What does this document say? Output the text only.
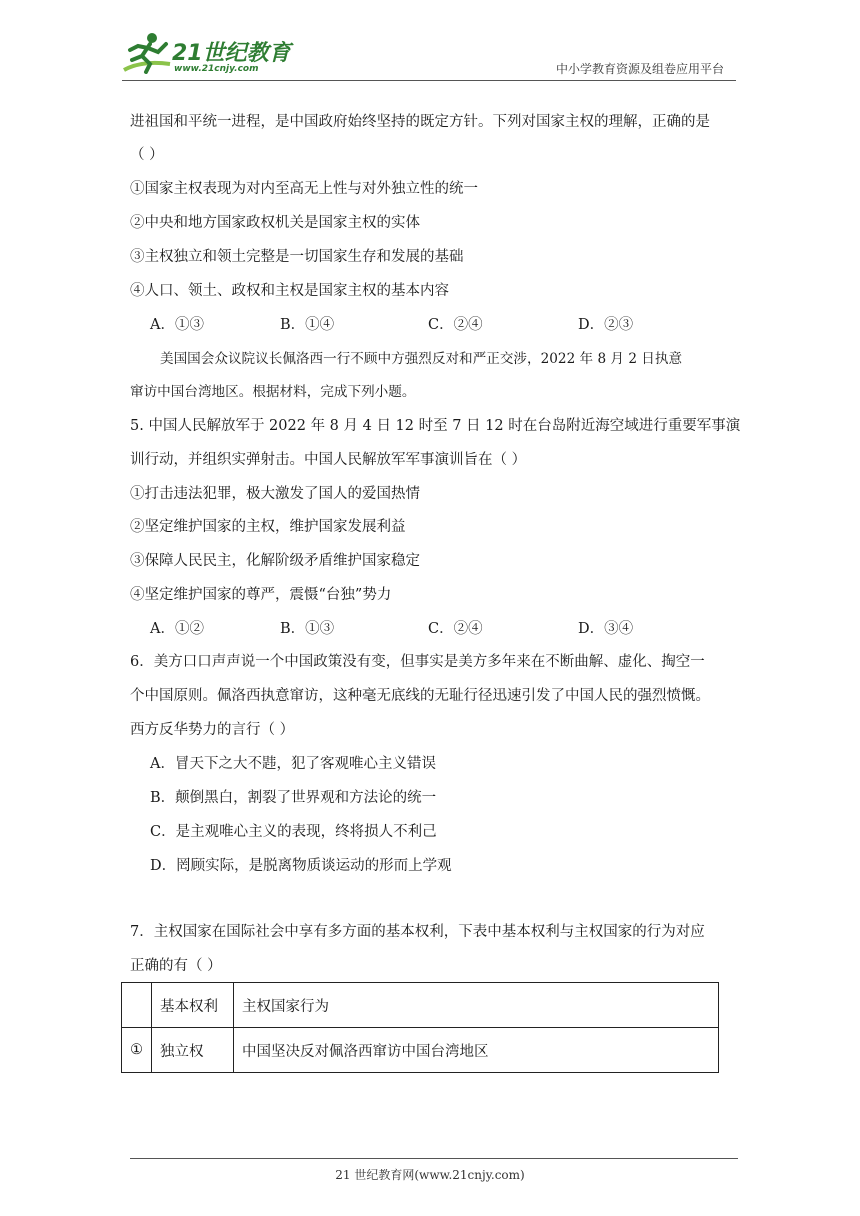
21世纪教育
www.21cnjy.com	中小学教育资源及组卷应用平台
进祖国和平统一进程，是中国政府始终坚持的既定方针。下列对国家主权的理解，正确的是
（ ）
①国家主权表现为对内至高无上性与对外独立性的统一
②中央和地方国家政权机关是国家主权的实体
③主权独立和领土完整是一切国家生存和发展的基础
④人口、领土、政权和主权是国家主权的基本内容
A．①③	B．①④	C．②④	D．②③
美国国会众议院议长佩洛西一行不顾中方强烈反对和严正交涉，2022 年 8 月 2 日执意
窜访中国台湾地区。根据材料，完成下列小题。
5. 中国人民解放军于 2022 年 8 月 4 日 12 时至 7 日 12 时在台岛附近海空域进行重要军事演
训行动，并组织实弹射击。中国人民解放军军事演训旨在（ ）
①打击违法犯罪，极大激发了国人的爱国热情
②坚定维护国家的主权，维护国家发展利益
③保障人民民主，化解阶级矛盾维护国家稳定
④坚定维护国家的尊严，震慑“台独”势力
A．①②	B．①③	C．②④	D．③④
6．美方口口声声说一个中国政策没有变，但事实是美方多年来在不断曲解、虚化、掏空一
个中国原则。佩洛西执意窜访，这种毫无底线的无耻行径迅速引发了中国人民的强烈愤慨。
西方反华势力的言行（ ）
A．冒天下之大不韪，犯了客观唯心主义错误
B．颠倒黑白，割裂了世界观和方法论的统一
C．是主观唯心主义的表现，终将损人不利己
D．罔顾实际，是脱离物质谈运动的形而上学观
7．主权国家在国际社会中享有多方面的基本权利，下表中基本权利与主权国家的行为对应
正确的有（ ）
	基本权利	主权国家行为
①	独立权	中国坚决反对佩洛西窜访中国台湾地区
21 世纪教育网(www.21cnjy.com)
